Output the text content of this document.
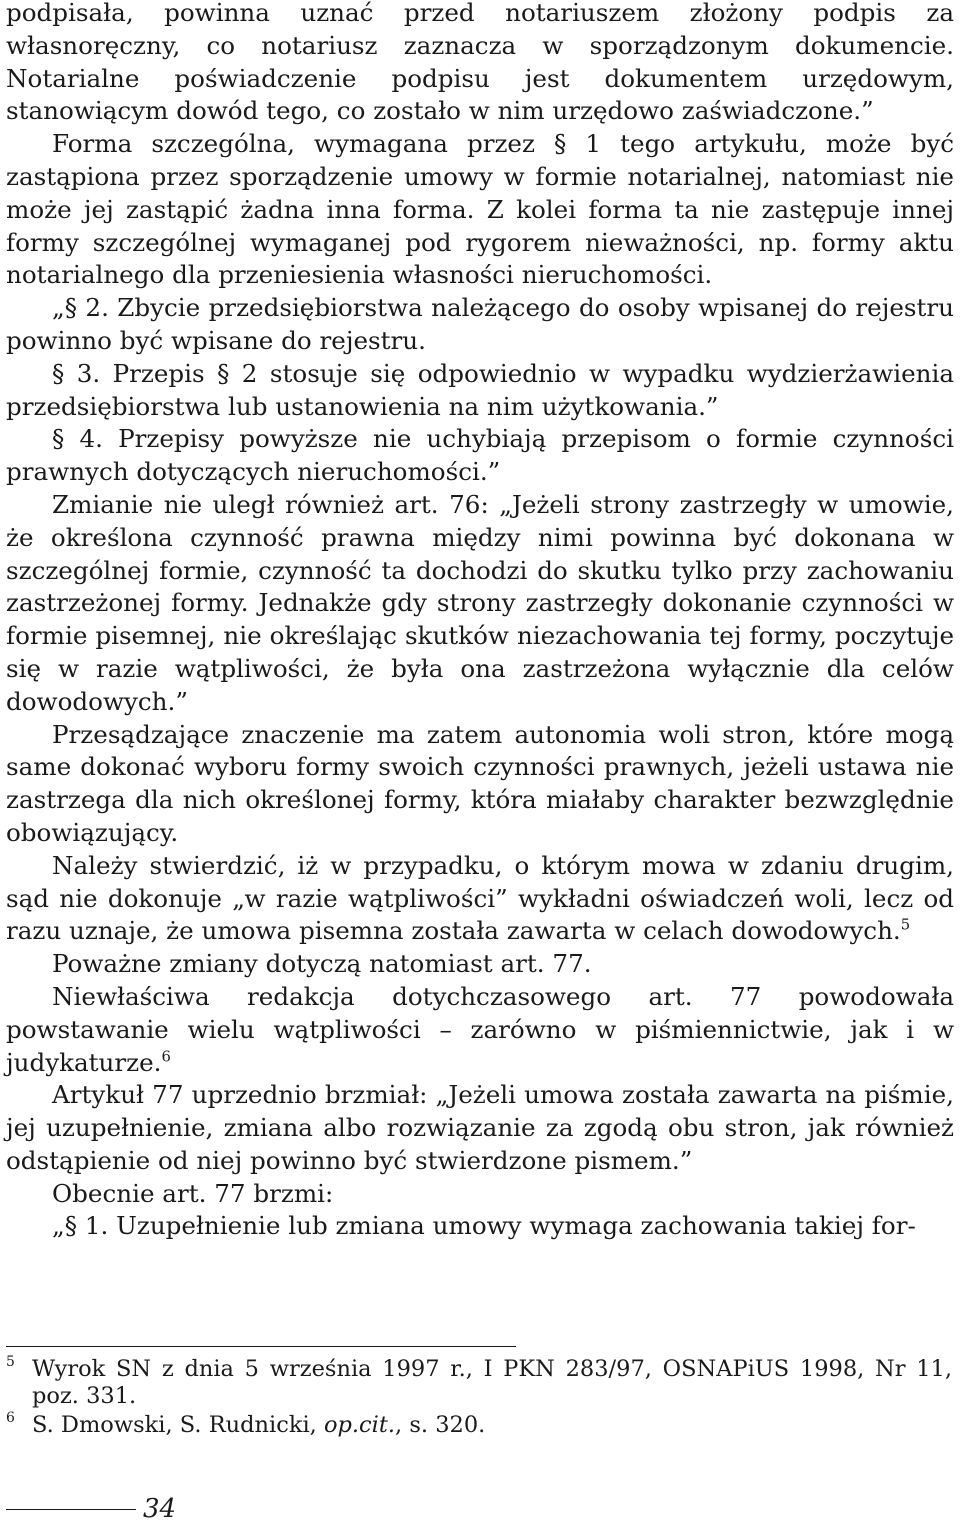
podpisała, powinna uznać przed notariuszem złożony podpis za własnoręczny, co notariusz zaznacza w sporządzonym dokumencie. Notarialne poświadczenie podpisu jest dokumentem urzędowym, stanowiącym dowód tego, co zostało w nim urzędowo zaświadczone.”

Forma szczególna, wymagana przez § 1 tego artykułu, może być zastąpiona przez sporządzenie umowy w formie notarialnej, natomiast nie może jej zastąpić żadna inna forma. Z kolei forma ta nie zastępuje innej formy szczególnej wymaganej pod rygorem nieważności, np. formy aktu notarialnego dla przeniesienia własności nieruchomości.

„§ 2. Zbycie przedsiębiorstwa należącego do osoby wpisanej do rejestru powinno być wpisane do rejestru.

§ 3. Przepis § 2 stosuje się odpowiednio w wypadku wydzierżawienia przedsiębiorstwa lub ustanowienia na nim użytkowania.”

§ 4. Przepisy powyższe nie uchybiają przepisom o formie czynności prawnych dotyczących nieruchomości.”

Zmianie nie uległ również art. 76: „Jeżeli strony zastrzegły w umowie, że określona czynność prawna między nimi powinna być dokonana w szczególnej formie, czynność ta dochodzi do skutku tylko przy zachowaniu zastrzeżonej formy. Jednakże gdy strony zastrzegły dokonanie czynności w formie pisemnej, nie określając skutków niezachowania tej formy, poczytuje się w razie wątpliwości, że była ona zastrzeżona wyłącznie dla celów dowodowych.”

Przesądzające znaczenie ma zatem autonomia woli stron, które mogą same dokonać wyboru formy swoich czynności prawnych, jeżeli ustawa nie zastrzega dla nich określonej formy, która miałaby charakter bezwzględnie obowiązujący.

Należy stwierdzić, iż w przypadku, o którym mowa w zdaniu drugim, sąd nie dokonuje „w razie wątpliwości” wykładni oświadczeń woli, lecz od razu uznaje, że umowa pisemna została zawarta w celach dowodowych.$^5$

Poważne zmiany dotyczą natomiast art. 77.

Niewłaściwa redakcja dotychczasowego art. 77 powodowała powstawanie wielu wątpliwości – zarówno w piśmiennictwie, jak i w judykaturze.$^6$

Artykuł 77 uprzednio brzmiał: „Jeżeli umowa została zawarta na piśmie, jej uzupełnienie, zmiana albo rozwiązanie za zgodą obu stron, jak również odstąpienie od niej powinno być stwierdzone pismem.”

Obecnie art. 77 brzmi:

„§ 1. Uzupełnienie lub zmiana umowy wymaga zachowania takiej for-

5 Wyrok SN z dnia 5 września 1997 r., I PKN 283/97, OSNAPiUS 1998, Nr 11, poz. 331.
6 S. Dmowski, S. Rudnicki, op.cit., s. 320.
34
